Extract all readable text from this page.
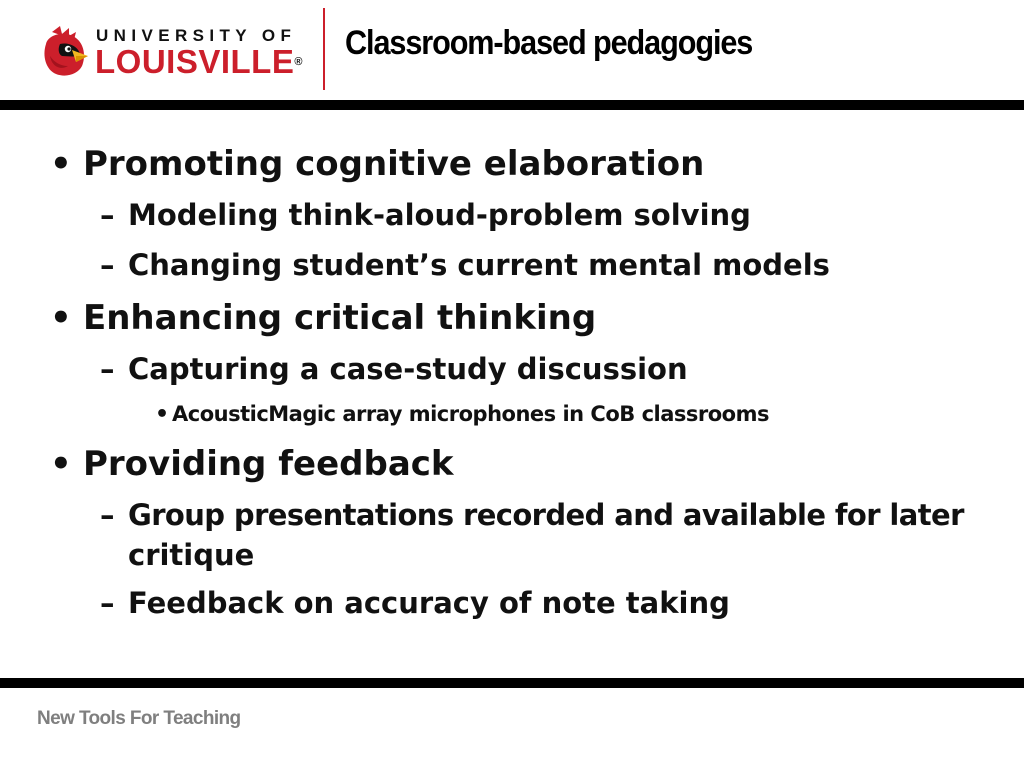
UNIVERSITY OF
LOUISVILLE® Classroom-based pedagogies
• Promoting cognitive elaboration
– Modeling think-aloud-problem solving
– Changing student’s current mental models
• Enhancing critical thinking
– Capturing a case-study discussion
• AcousticMagic array microphones in CoB classrooms
• Providing feedback
– Group presentations recorded and available for later
critique
– Feedback on accuracy of note taking
New Tools For Teaching
